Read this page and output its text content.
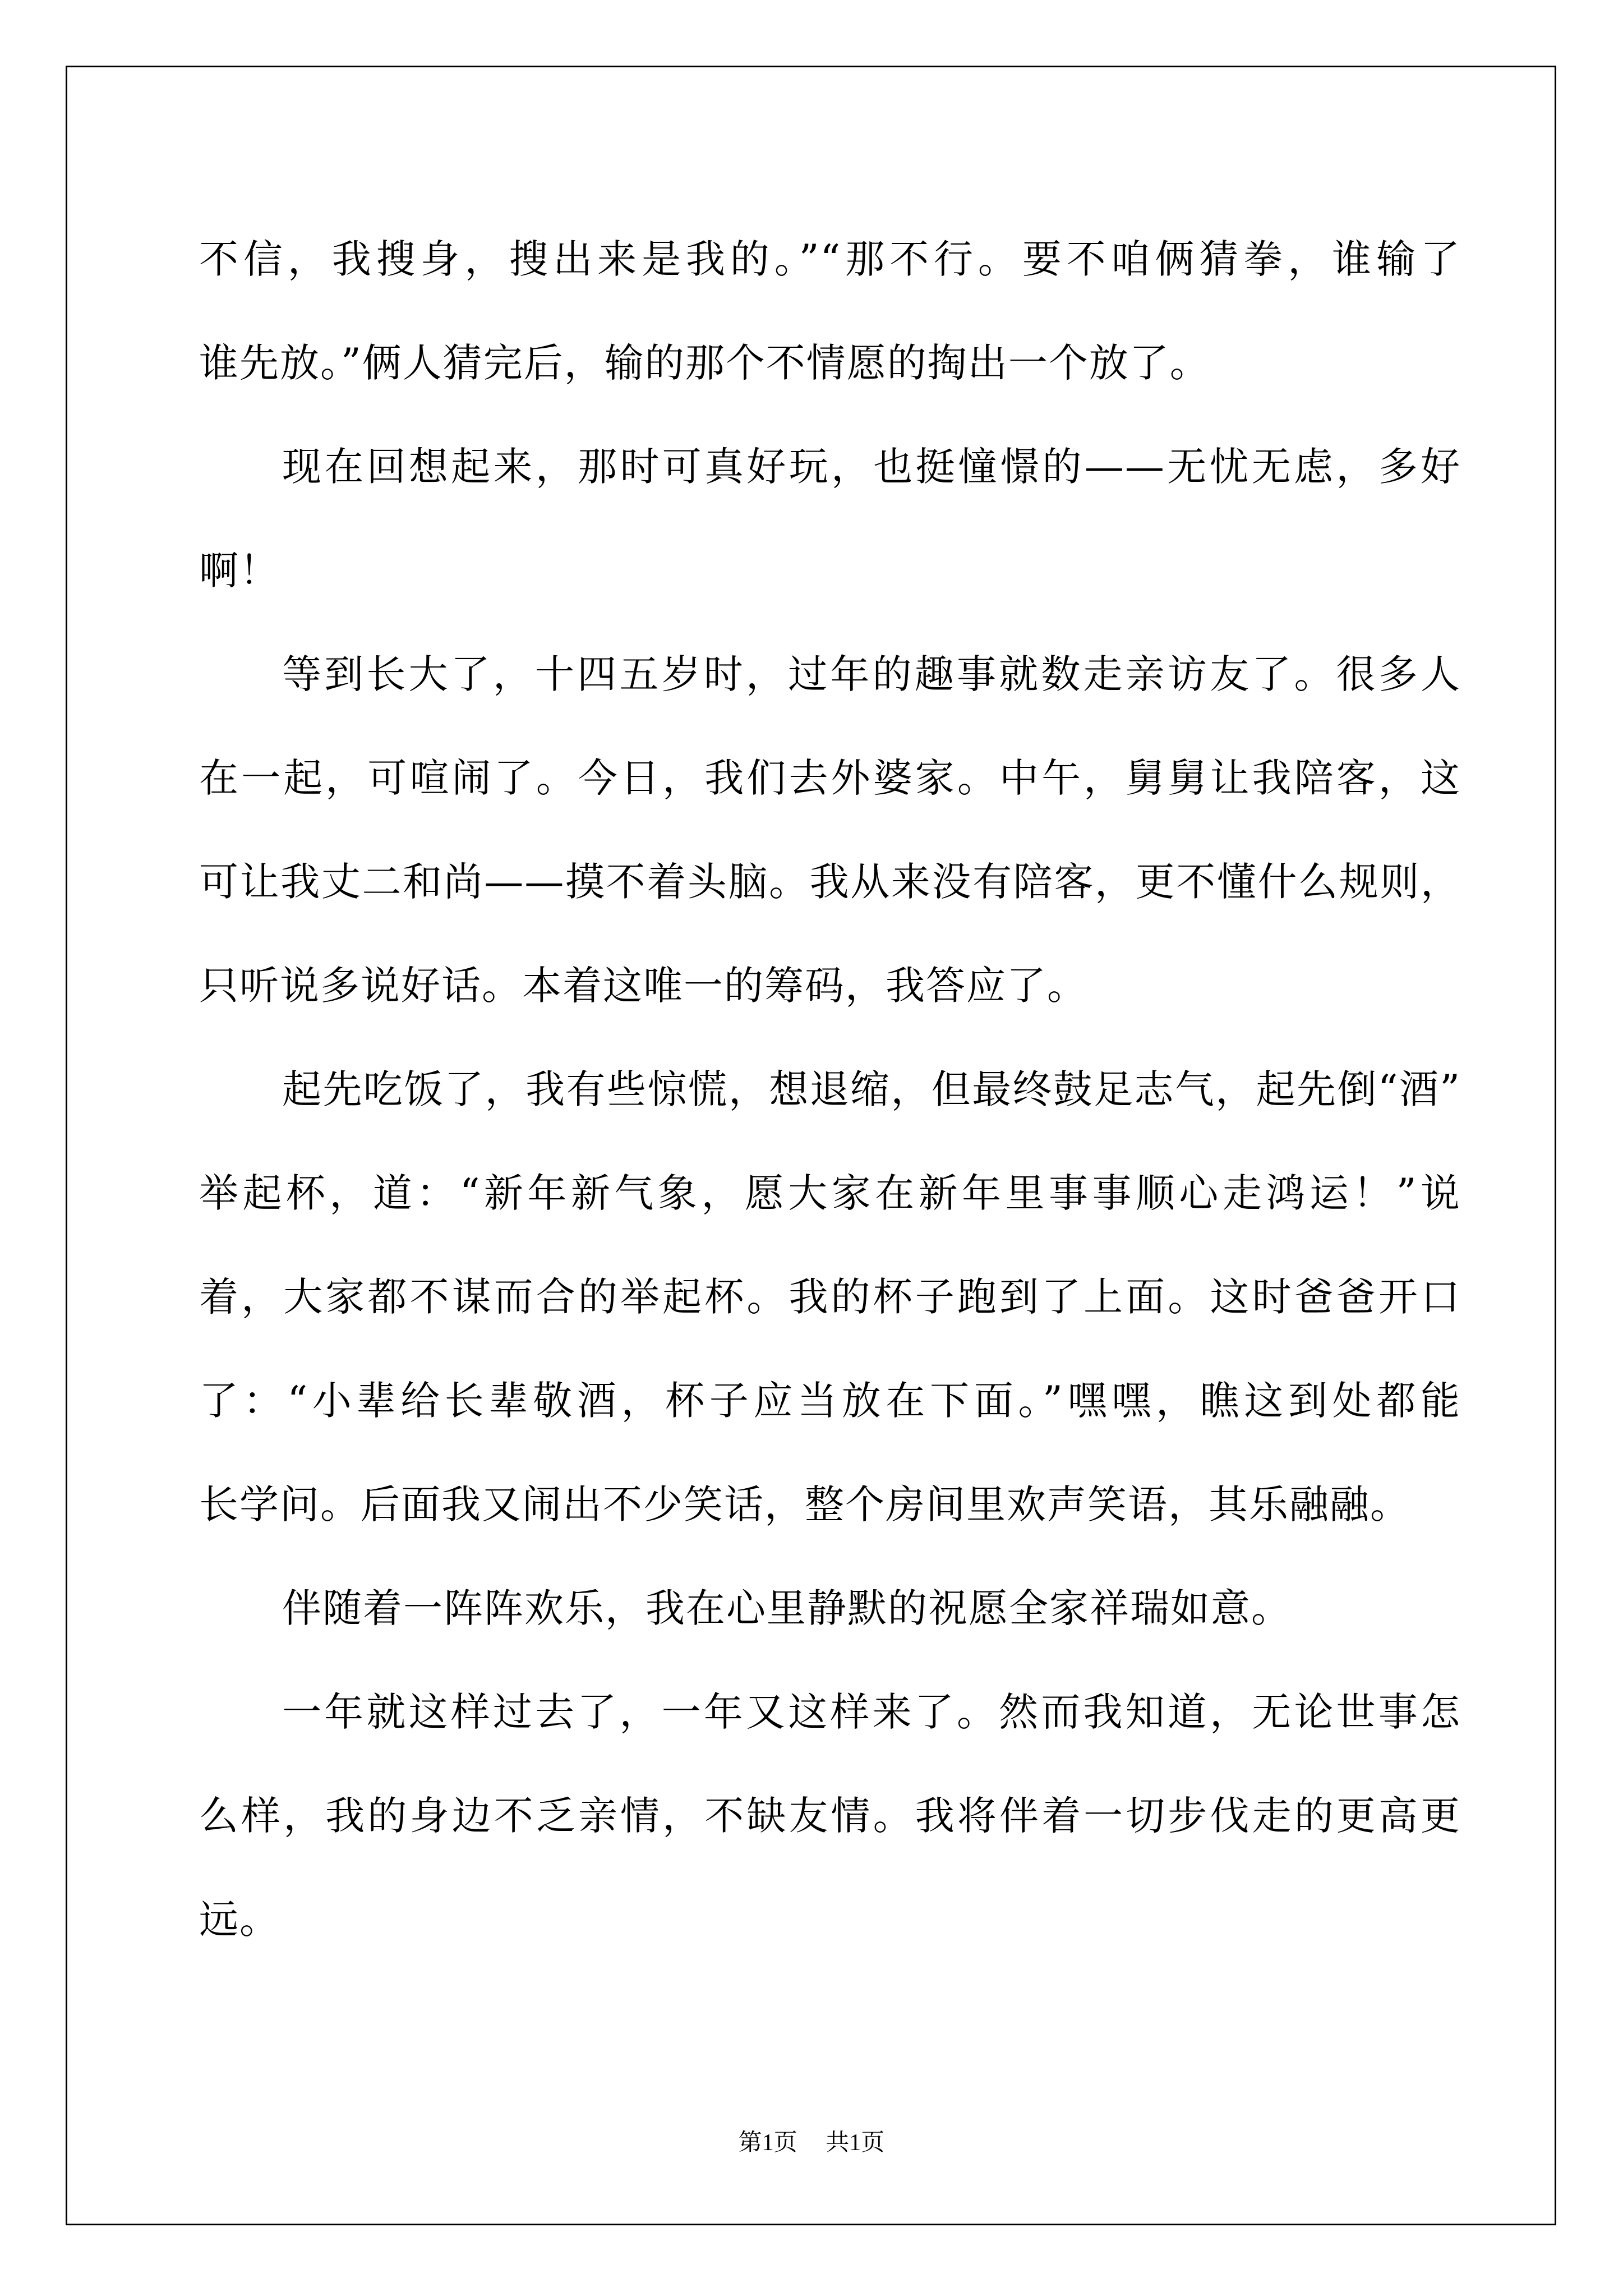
不信，我搜身，搜出来是我的。”“那不行。要不咱俩猜拳，谁输了
谁先放。”俩人猜完后，输的那个不情愿的掏出一个放了。
现在回想起来，那时可真好玩，也挺憧憬的——无忧无虑，多好
啊！
等到长大了，十四五岁时，过年的趣事就数走亲访友了。很多人
在一起，可喧闹了。今日，我们去外婆家。中午，舅舅让我陪客，这
可让我丈二和尚——摸不着头脑。我从来没有陪客，更不懂什么规则，
只听说多说好话。本着这唯一的筹码，我答应了。
起先吃饭了，我有些惊慌，想退缩，但最终鼓足志气，起先倒“酒”
举起杯，道：“新年新气象，愿大家在新年里事事顺心走鸿运！”说
着，大家都不谋而合的举起杯。我的杯子跑到了上面。这时爸爸开口
了：“小辈给长辈敬酒，杯子应当放在下面。”嘿嘿，瞧这到处都能
长学问。后面我又闹出不少笑话，整个房间里欢声笑语，其乐融融。
伴随着一阵阵欢乐，我在心里静默的祝愿全家祥瑞如意。
一年就这样过去了，一年又这样来了。然而我知道，无论世事怎
么样，我的身边不乏亲情，不缺友情。我将伴着一切步伐走的更高更
远。
第1页 共1页
